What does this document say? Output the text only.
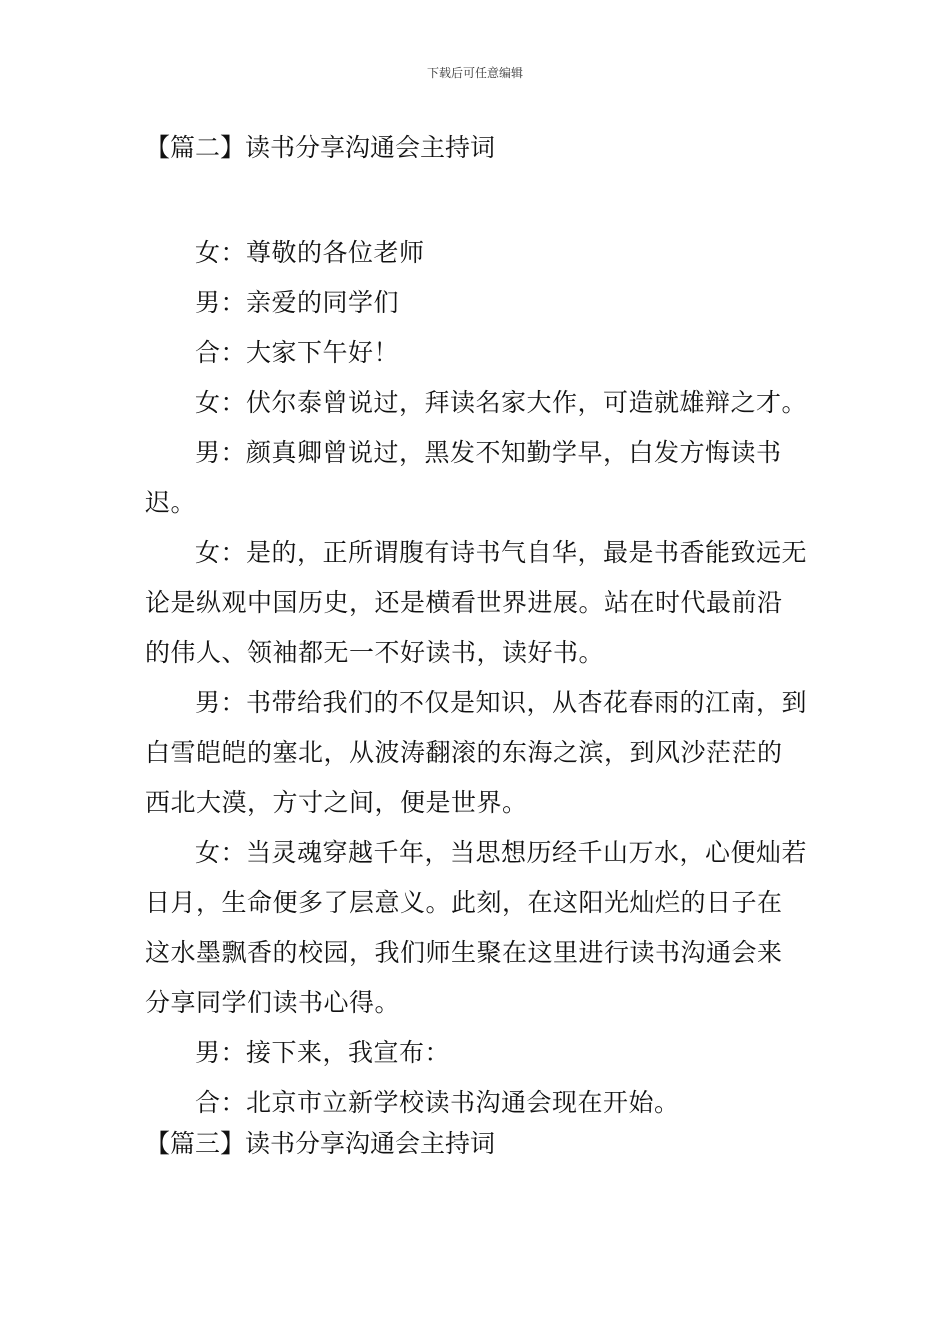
下载后可任意编辑
【篇二】读书分享沟通会主持词

女：尊敬的各位老师

男：亲爱的同学们

合：大家下午好！

女：伏尔泰曾说过，拜读名家大作，可造就雄辩之才。

男：颜真卿曾说过，黑发不知勤学早，白发方悔读书迟。

女：是的，正所谓腹有诗书气自华，最是书香能致远无论是纵观中国历史，还是横看世界进展。站在时代最前沿的伟人、领袖都无一不好读书，读好书。

男：书带给我们的不仅是知识，从杏花春雨的江南，到白雪皑皑的塞北，从波涛翻滚的东海之滨，到风沙茫茫的西北大漠，方寸之间，便是世界。

女：当灵魂穿越千年，当思想历经千山万水，心便灿若日月，生命便多了层意义。此刻，在这阳光灿烂的日子在这水墨飘香的校园，我们师生聚在这里进行读书沟通会来分享同学们读书心得。

男：接下来，我宣布：

合：北京市立新学校读书沟通会现在开始。

【篇三】读书分享沟通会主持词
